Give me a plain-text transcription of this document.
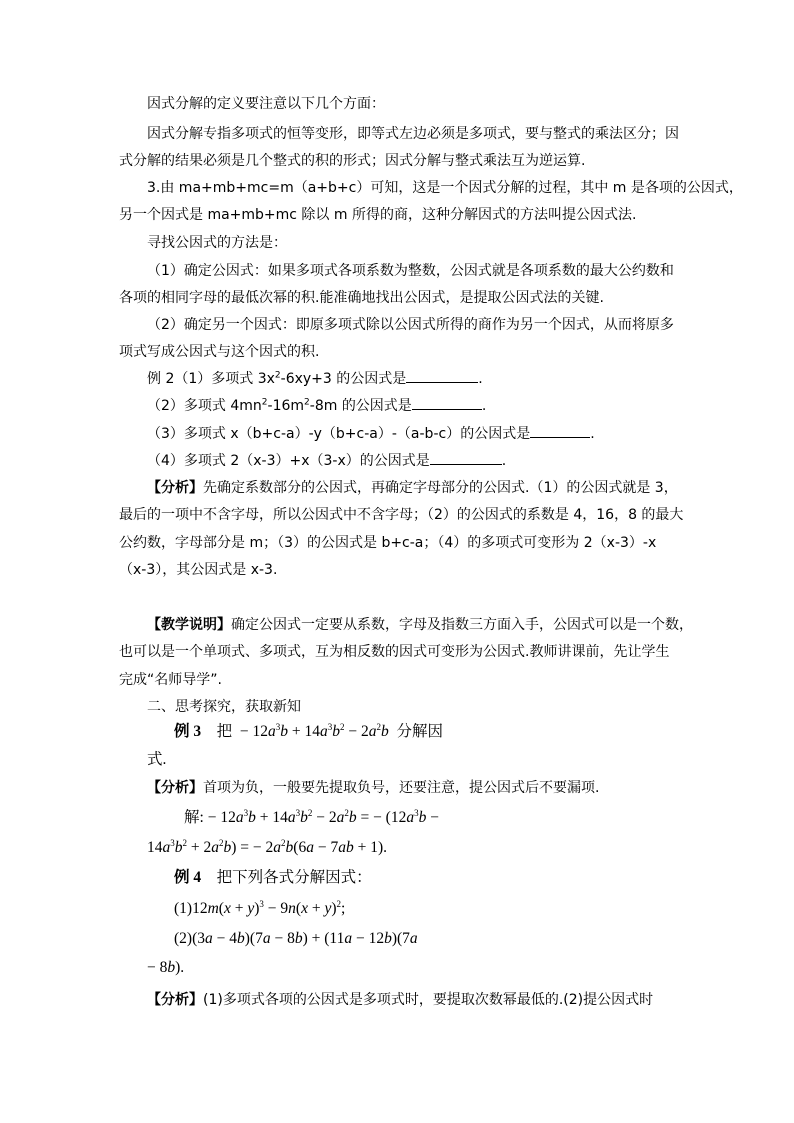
因式分解的定义要注意以下几个方面：
因式分解专指多项式的恒等变形，即等式左边必须是多项式，要与整式的乘法区分；因
式分解的结果必须是几个整式的积的形式；因式分解与整式乘法互为逆运算.
3.由 ma+mb+mc=m（a+b+c）可知，这是一个因式分解的过程，其中 m 是各项的公因式，
另一个因式是 ma+mb+mc 除以 m 所得的商，这种分解因式的方法叫提公因式法.
寻找公因式的方法是：
（1）确定公因式：如果多项式各项系数为整数，公因式就是各项系数的最大公约数和
各项的相同字母的最低次幂的积.能准确地找出公因式，是提取公因式法的关键.
（2）确定另一个因式：即原多项式除以公因式所得的商作为另一个因式，从而将原多
项式写成公因式与这个因式的积.
例 2（1）多项式 $3x^2-6xy+3$ 的公因式是	.
（2）多项式 $4mn^2-16m^2-8m$ 的公因式是	.
（3）多项式 x（b+c-a）-y（b+c-a）-（a-b-c）的公因式是	.
（4）多项式 2（x-3）+x（3-x）的公因式是	.
【分析】先确定系数部分的公因式，再确定字母部分的公因式.（1）的公因式就是 3，
最后的一项中不含字母，所以公因式中不含字母；（2）的公因式的系数是 4，16，8 的最大
公约数，字母部分是 m；（3）的公因式是 b+c-a；（4）的多项式可变形为 2（x-3）-x
（x-3），其公因式是 x-3.
【教学说明】确定公因式一定要从系数，字母及指数三方面入手，公因式可以是一个数，
也可以是一个单项式、多项式，互为相反数的因式可变形为公因式.教师讲课前，先让学生
完成“名师导学”.
二、思考探究，获取新知
例 3 把 − $12a^3b + 14a^3b^2 - 2a^2b$ 分解因
式.
【分析】首项为负，一般要先提取负号，还要注意，提公因式后不要漏项.
解: − $12a^3b + 14a^3b^2 - 2a^2b$ = − ($12a^3b$ −
$14a^3b^2 + 2a^2b$) = − $2a^2b(6a - 7ab + 1)$.
例 4 把下列各式分解因式：
$(1)12m(x + y)^3 - 9n(x + y)^2$;
(2)(3a − 4b)(7a − 8b) + (11a − 12b)(7a
− 8b).
【分析】(1)多项式各项的公因式是多项式时，要提取次数幂最低的.(2)提公因式时
